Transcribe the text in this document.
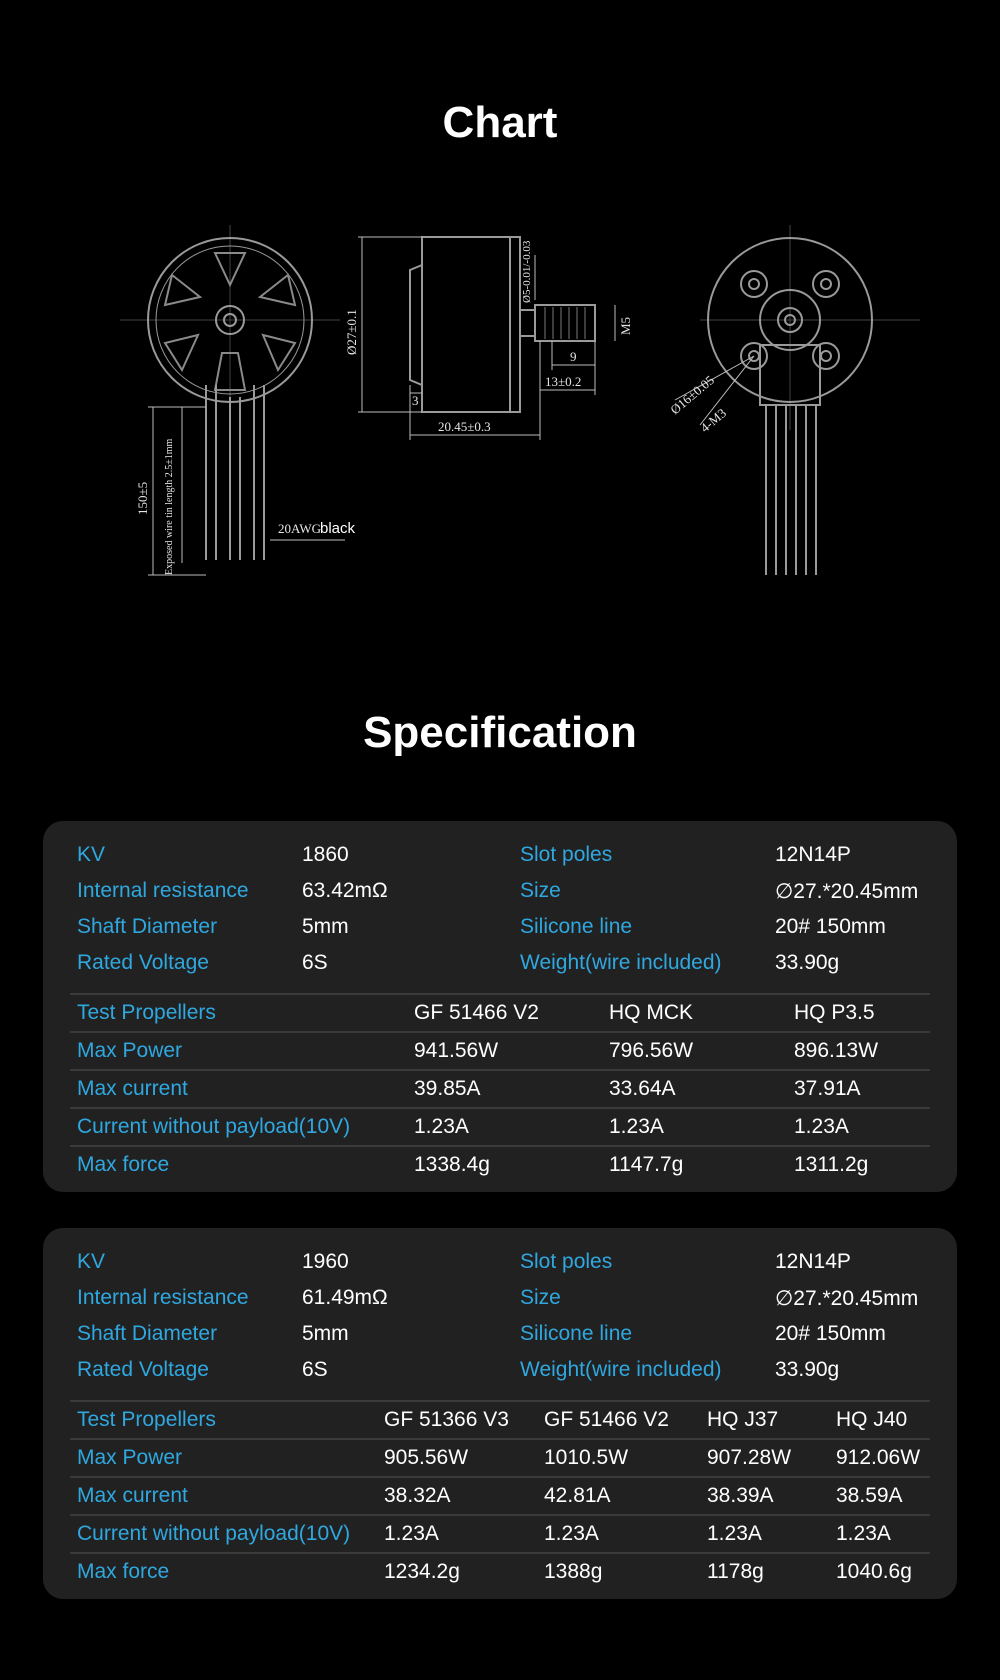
Chart
150±5 Exposed wire tin length 2.5±1mm	20AWG
black
Ø27±0.1
Ø5-0.01/-0.03
M5
9
13±0.2
3
20.45±0.3
Ø16±0.05
4-M3
Specification
KV	1860	Slot poles	12N14P
Internal resistance	63.42mΩ	Size	∅27.*20.45mm
Shaft Diameter	5mm	Silicone line	20# 150mm
Rated Voltage	6S	Weight(wire included)	33.90g
Test Propellers	GF 51466 V2	HQ MCK	HQ P3.5
Max Power	941.56W	796.56W	896.13W
Max current	39.85A	33.64A	37.91A
Current without payload(10V)	1.23A	1.23A	1.23A
Max force	1338.4g	1147.7g	1311.2g
KV	1960	Slot poles	12N14P
Internal resistance	61.49mΩ	Size	∅27.*20.45mm
Shaft Diameter	5mm	Silicone line	20# 150mm
Rated Voltage	6S	Weight(wire included)	33.90g
Test Propellers	GF 51366 V3	GF 51466 V2	HQ J37	HQ J40
Max Power	905.56W	1010.5W	907.28W	912.06W
Max current	38.32A	42.81A	38.39A	38.59A
Current without payload(10V)	1.23A	1.23A	1.23A	1.23A
Max force	1234.2g	1388g	1178g	1040.6g
